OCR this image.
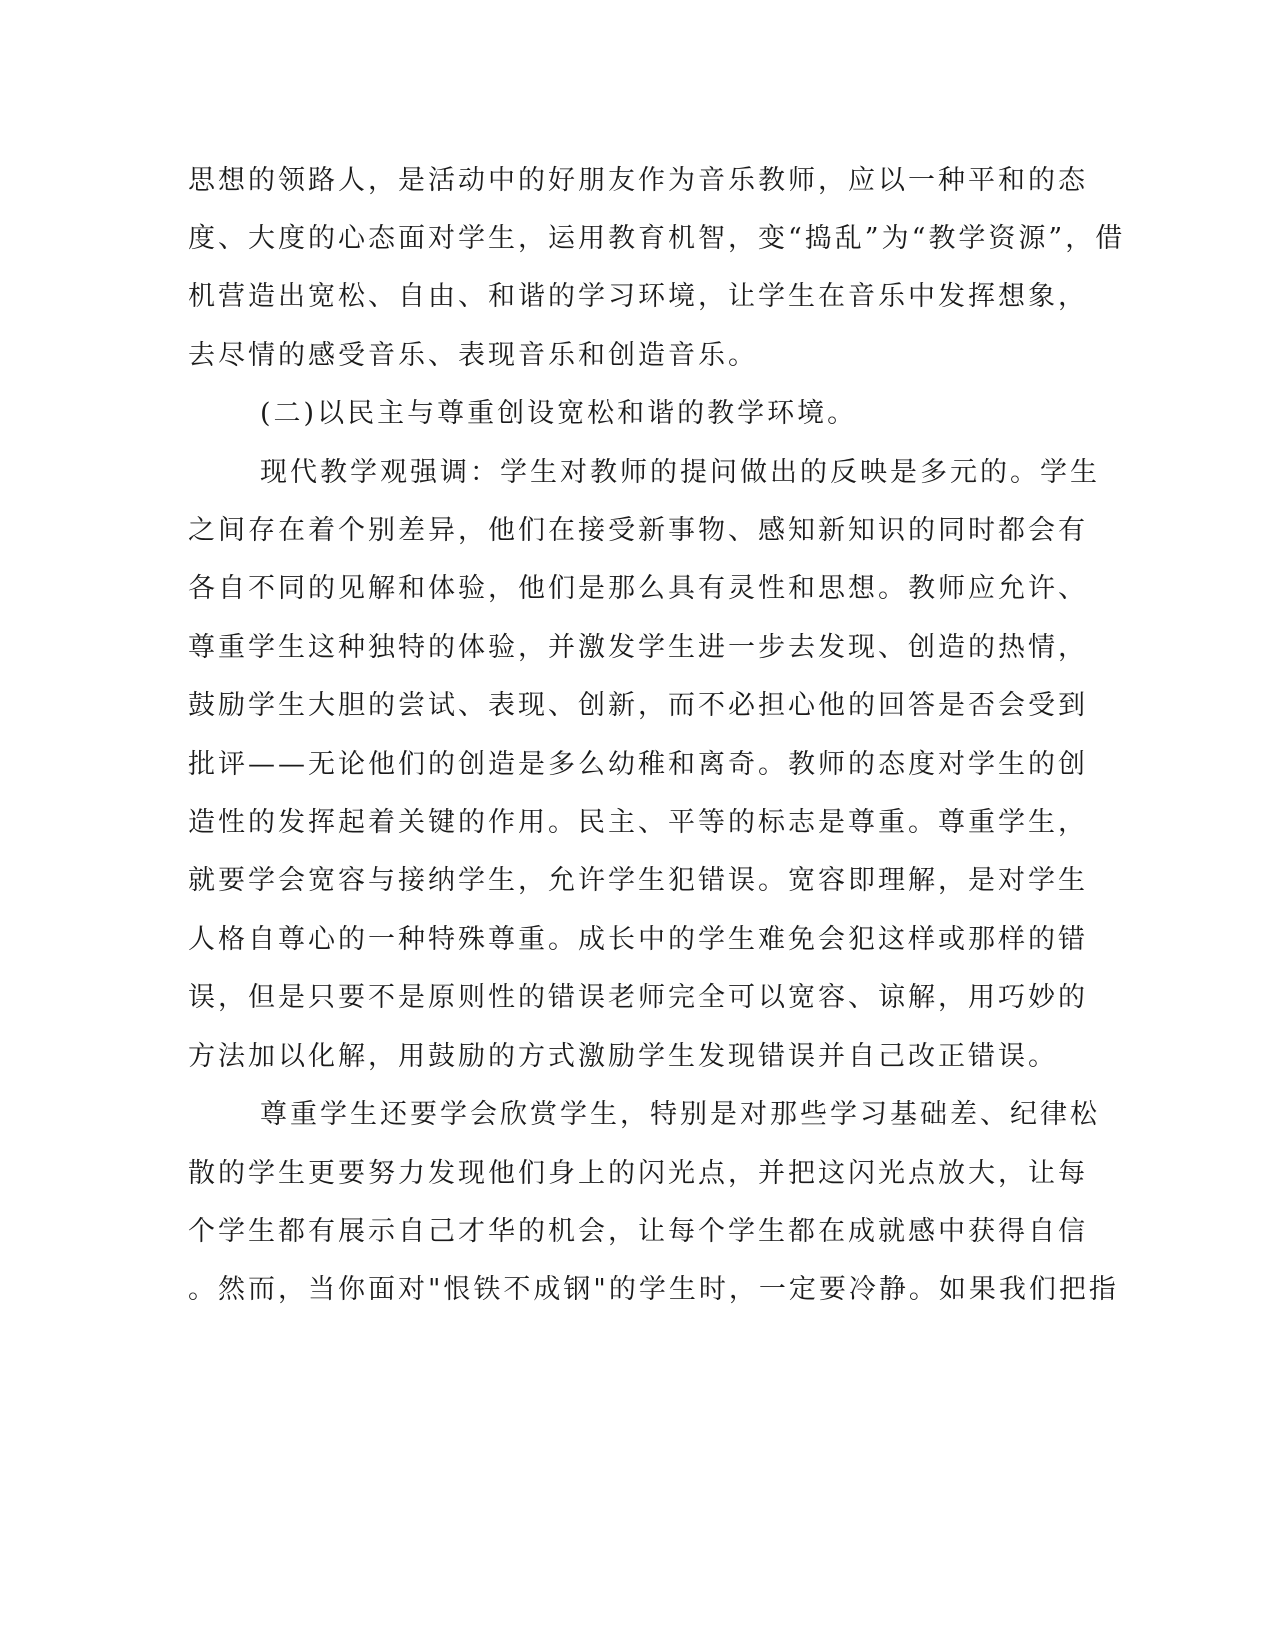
思想的领路人，是活动中的好朋友作为音乐教师，应以一种平和的态
度、大度的心态面对学生，运用教育机智，变“捣乱”为“教学资源”，借
机营造出宽松、自由、和谐的学习环境，让学生在音乐中发挥想象，
去尽情的感受音乐、表现音乐和创造音乐。
(二)以民主与尊重创设宽松和谐的教学环境。
现代教学观强调：学生对教师的提问做出的反映是多元的。学生
之间存在着个别差异，他们在接受新事物、感知新知识的同时都会有
各自不同的见解和体验，他们是那么具有灵性和思想。教师应允许、
尊重学生这种独特的体验，并激发学生进一步去发现、创造的热情，
鼓励学生大胆的尝试、表现、创新，而不必担心他的回答是否会受到
批评——无论他们的创造是多么幼稚和离奇。教师的态度对学生的创
造性的发挥起着关键的作用。民主、平等的标志是尊重。尊重学生，
就要学会宽容与接纳学生，允许学生犯错误。宽容即理解，是对学生
人格自尊心的一种特殊尊重。成长中的学生难免会犯这样或那样的错
误，但是只要不是原则性的错误老师完全可以宽容、谅解，用巧妙的
方法加以化解，用鼓励的方式激励学生发现错误并自己改正错误。
尊重学生还要学会欣赏学生，特别是对那些学习基础差、纪律松
散的学生更要努力发现他们身上的闪光点，并把这闪光点放大，让每
个学生都有展示自己才华的机会，让每个学生都在成就感中获得自信
。然而，当你面对"恨铁不成钢"的学生时，一定要冷静。如果我们把指
